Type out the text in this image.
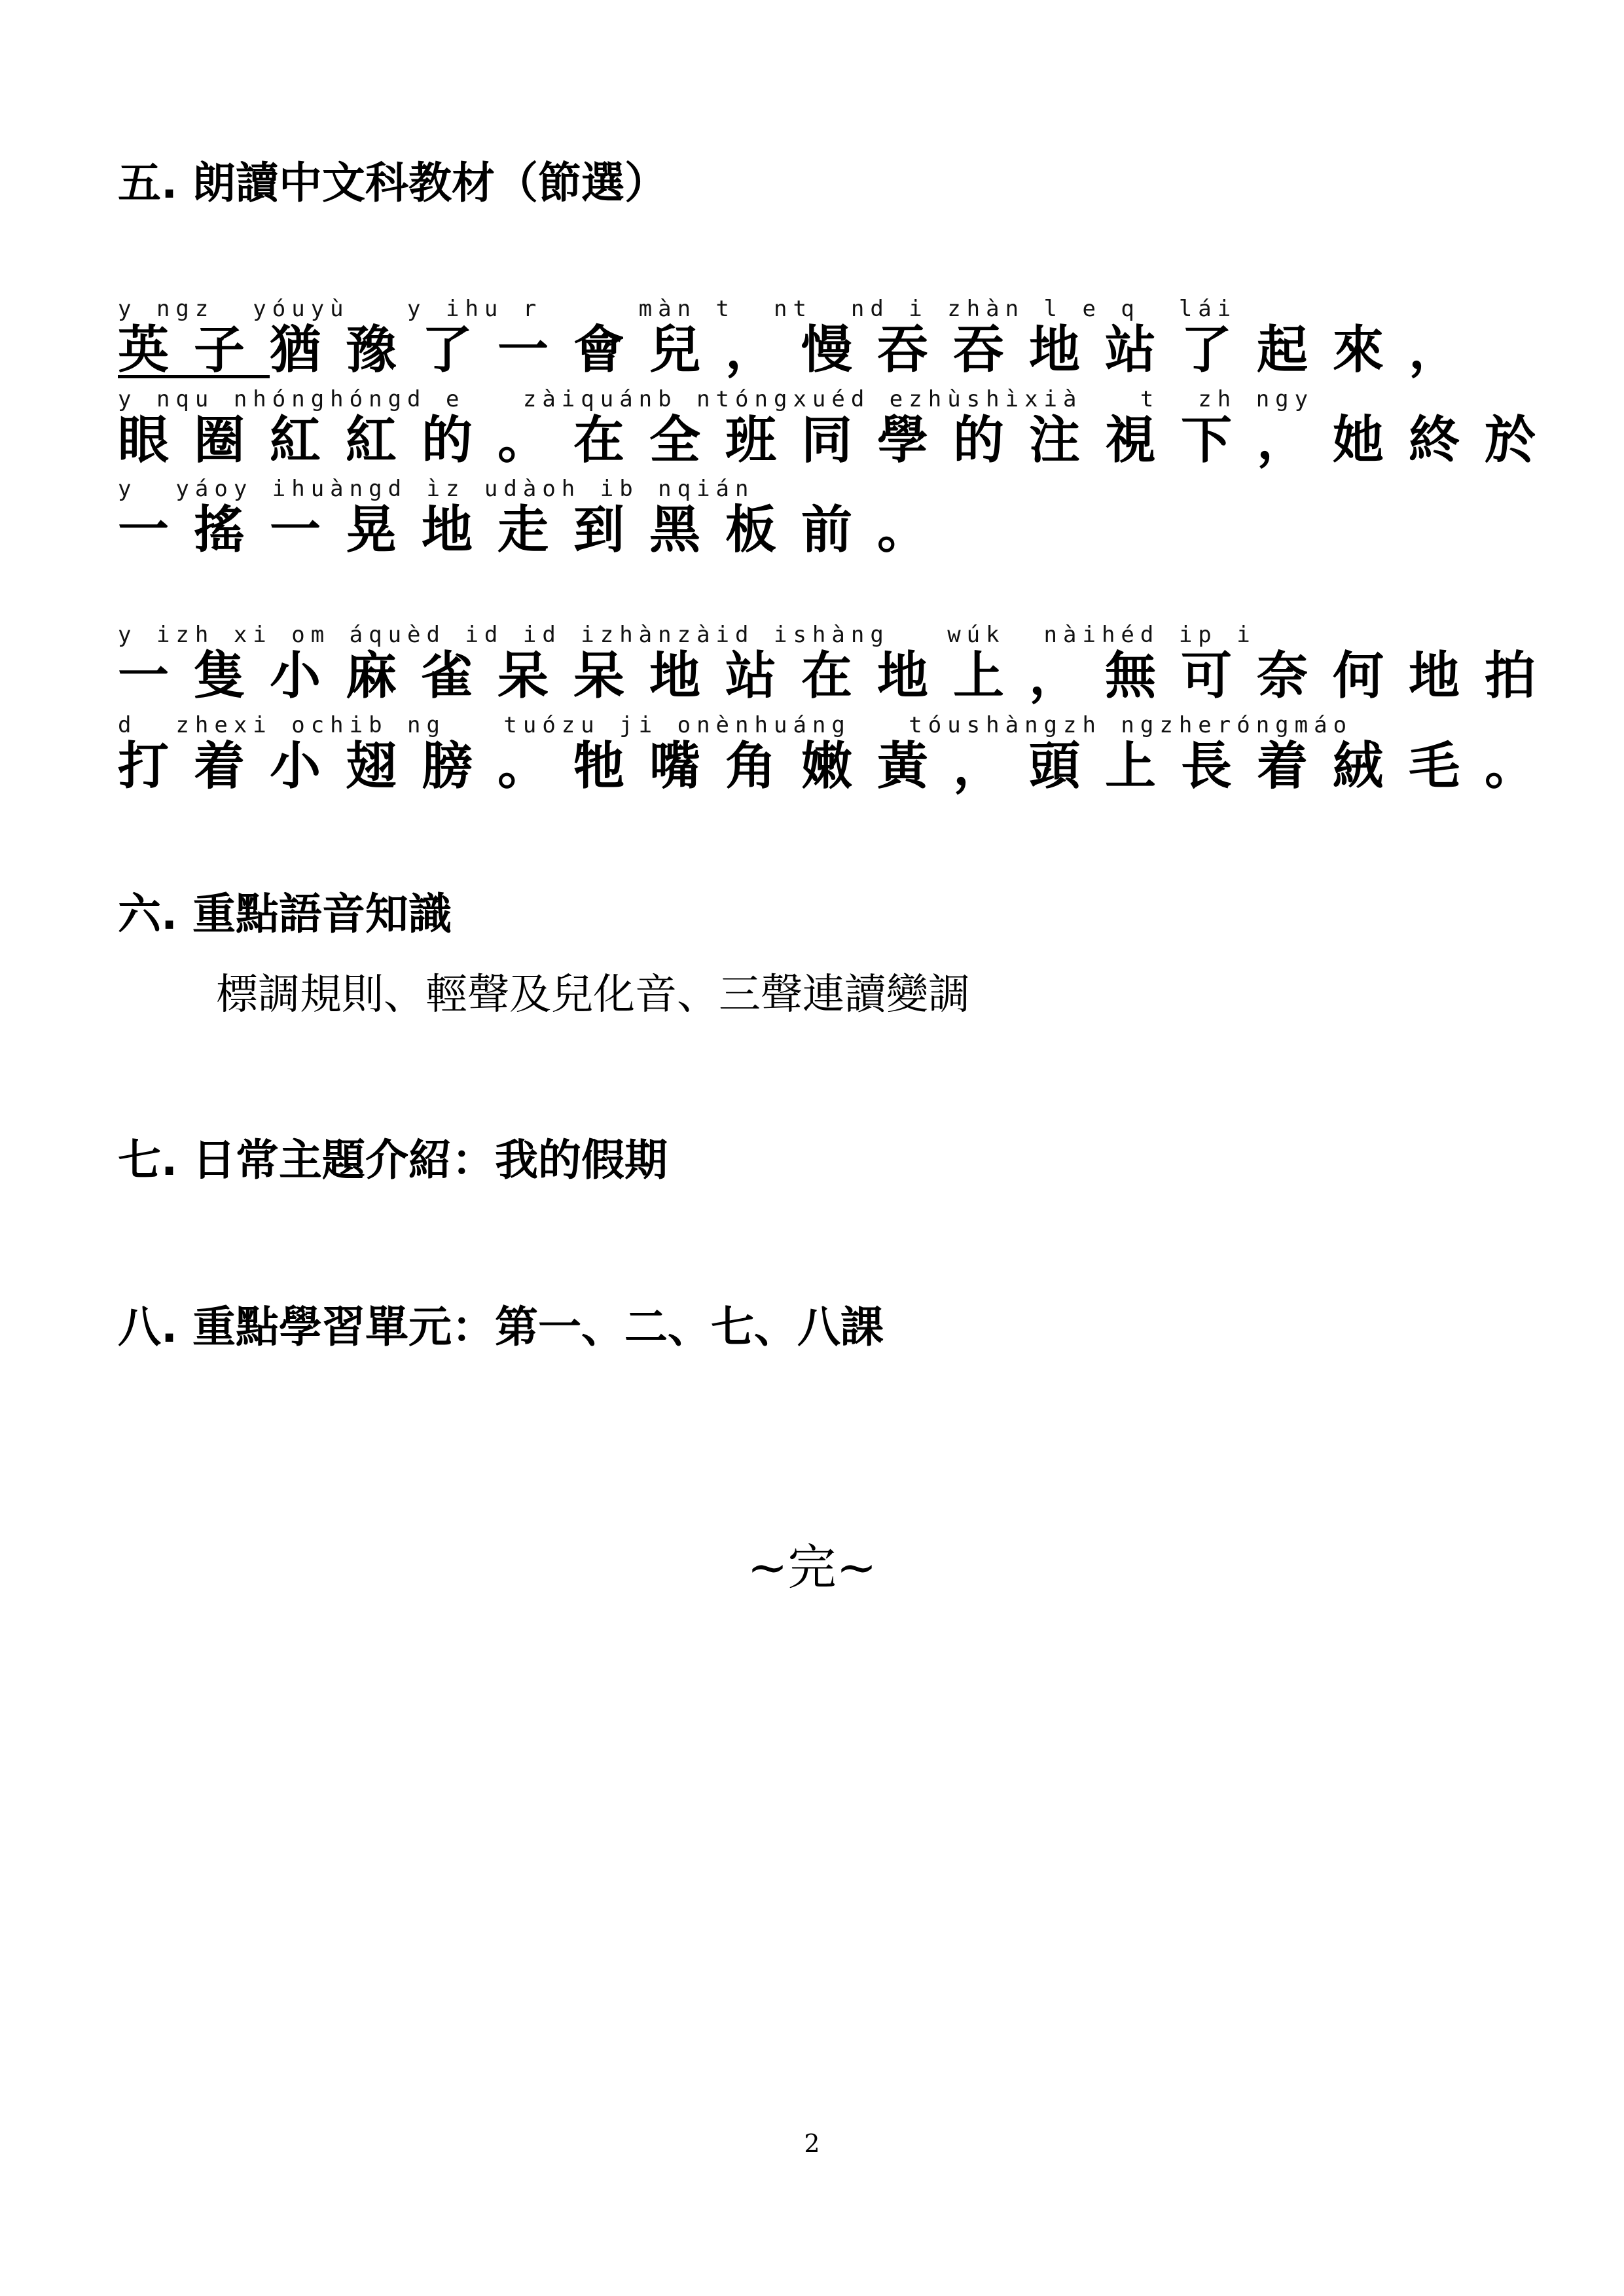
五. 朗讀中文科教材（節選）
y ngz  yóuyù   y ihu r     màn t  nt  nd i zhàn l e q  lái
英子猶豫了一會兒，慢吞吞地站了起來，
y nqu nhónghóngd e   zàiquánb ntóngxuéd ezhùshìxià   t  zh ngy
眼圈紅紅的。在全班同學的注視下，她終於
y  yáoy ihuàngd ìz udàoh ib nqián
一搖一晃地走到黑板前。
y izh xi om áquèd id id izhànzàid ishàng   wúk  nàihéd ip i
一隻小麻雀呆呆地站在地上，無可奈何地拍
d  zhexi ochib ng   tuózu ji onènhuáng   tóushàngzh ngzheróngmáo
打着小翅膀。牠嘴角嫩黃，頭上長着絨毛。
六. 重點語音知識
標調規則、輕聲及兒化音、三聲連讀變調
七. 日常主題介紹：我的假期
八. 重點學習單元：第一、二、七、八課
~完~
2
